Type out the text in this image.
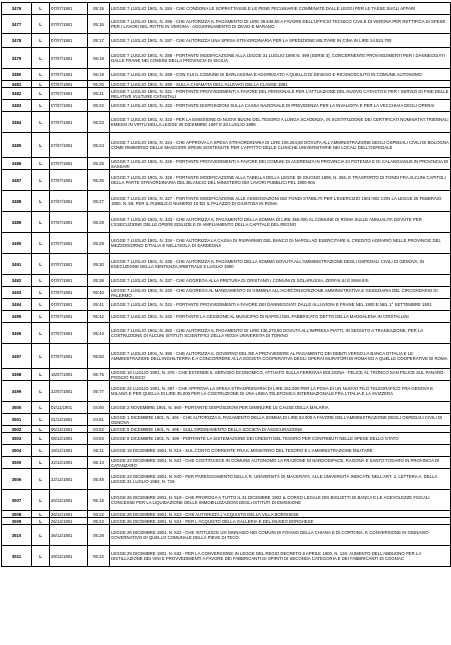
3476	L	07/07/1901	05:15	LEGGE 7 LUGLIO 1901, N. 284 - CHE CONDONA LE SOPRATTASSE E LE PENE PECUNIARIE COMMINATE DALLE LEGGI PER LE TASSE SUGLI AFFARI
3477	L	07/07/1901	05:16	LEGGE 7 LUGLIO 1901, N. 286 - CHE AUTORIZZA IL PAGAMENTO DI LIRE 39.548,50 A FAVORE DELL'UFFICIO TECNICO CIVILE DI VERONA PER RETTIFICA DI SPESE PER I LAVORI NEL ROTTE IN VERONA - AGGIORNAMENTO DI ZEVIO E MARANO
3478	L	07/07/1901	05:17	LEGGE 7 LUGLIO 1901, N. 287 - CHE AUTORIZZA UNA SPESA STRAORDINARIA PER LA SPEDIZIONE MILITARE IN CINA IN LIRE 14.524.700
3479	L	07/07/1901	05:18	LEGGE 7 LUGLIO 1901, N. 288 - PORTANTE MODIFICAZIONE ALLA LEGGE 31 LUGLIO 1895 N. 499 (SERIE 3), CONCERNENTE PROVVEDIMENTI PER I DANNEGGIATI DALLE FRANE NEI COMUNI DELLA PROVINCIA DI SICILIA
3480	L	07/07/1901	05:19	LEGGE 7 LUGLIO 1901, N. 289 - CON CUI IL COMUNE DI BARLASSINA E AGGREGATO A QUELLO DI SEVESO E RICONOSCIUTO IN COMUNE AUTONOMO
3481	L	07/07/1901	05:20	LEGGE 7 LUGLIO 1901, N. 290 - SULLA CHIAMATA DELL'ALLEVATI DELLA CLASSE 1881
3482	L	07/07/1901	05:21	LEGGE 7 LUGLIO 1901, N. 321 - PORTANTE PROVVEDIMENTI A FAVORE DEL PERSONALE PER L'ATTUAZIONE DEL NUOVO CATASTO E PER I SERVIZI DI FINE DELLE RELATIVE VULTURE CATASTALI
3483	L	07/07/1901	05:22	LEGGE 7 LUGLIO 1901, N. 322 - PORTANTE DISPOSIZIONI SULLA CASSA NAZIONALE DI PREVIDENZA PER LA INVALIDITA E PER LA VECCHIAIA DEGLI OPERAI
3484	L	07/07/1901	05:23	LEGGE 7 LUGLIO 1901, N. 323 - PER LA EMISSIONE DI NUOVI BUONI DEL TESORO A LUNGA SCADENZA, IN SOSTITUZIONE DEI CERTIFICATI NOMINATIVI TRIENNALI EMESSI IN VIRTU DELLA LEGGE 30 DICEMBRE 1897 E 20 LUGLIO 1898
3485	L	07/07/1901	05:24	LEGGE 7 LUGLIO 1901, N. 324 - CHE APPROVA LA SPESA STRAORDINARIA DI LIRE 106.264,60 DOVUTA ALL'AMMINISTRAZIONE DEGLI OSPEDALI CIVILI DI BOLOGNA COME RIMBORSO DELLE MAGGIORI SPESE SOSTENUTE PER L'AFFITTO DELLE CLINICHE UNIVERSITARIE NEI LOCALI DELL'OSPEDALE
3486	L	07/07/1901	05:25	LEGGE 7 LUGLIO 1901, N. 325 - PORTANTE PROVVEDIMENTI A FAVORE DEI COMUNI DI ACERENZA IN PROVINCIA DI POTENZA E DI CALANGIANUS IN PROVINCIA DI SASSARI
3487	L	07/07/1901	05:26	LEGGE 7 LUGLIO 1901, N. 326 - PORTANTE MODIFICAZIONE ALLA TABELLA DELLA LEGGE 30 GIUGNO 1896, N. 256, E TRASPORTO DI FONDI FRA ALCUNI CAPITOLI DELLA PARTE STRAORDINARIA DEL BILANCIO DEL MINISTERO DEI LAVORI PUBBLICI PEL 1900-901
3488	L	07/07/1901	05:27	LEGGE 7 LUGLIO 1901, N. 327 - PORTANTE MODIFICAZIONE ALLE ASSEGNAZIONI DEI FONDI STABILITI PER L'ESERCIZIO 1901-902 CON LA LEGGE 25 FEBBRAIO 1900, N. 56, PER IL PUBBLICO NUMERO 10 ED IL PALAZZO DI GIUSTIZIA IN ROMA
3489	L	07/07/1901	05:28	LEGGE 7 LUGLIO 1901, N. 333 - CHE AUTORIZZA IL PAGAMENTO DELLA SOMMA DI LIRE 350.000 AL COMUNE DI ROMA SULLE ANNUALITA DOVUTE PER L'ESECUZIONE DELLE OPERE EDILIZIE E DI AMPLIAMENTO DELLA CAPITALE DEL REGNO
3490	L	07/07/1901	05:29	LEGGE 7 LUGLIO 1901, N. 334 - CHE AUTORIZZA LA CASSA DI RISPARMIO DEL BANCO DI NAPOLI AD ESERCITARE IL CREDITO AGRARIO NELLE PROVINCIE DEL MEZZOGIORNO D'ITALIA E NELL'ISOLA DI SARDEGNA
3491	L	07/07/1901	05:30	LEGGE 7 LUGLIO 1901, N. 335 - CHE AUTORIZZA IL PAGAMENTO DELLA SOMMA DOVUTA ALL'AMMINISTRAZIONE DEGLI OSPEDALI CIVILI DI GENOVA, IN ESECUZIONE DELLA SENTENZA ARBITRALE 9 LUGLIO 1900
3492	L	07/07/1901	05:38	LEGGE 7 LUGLIO 1901, N. 337 - CHE AGGREGA ALLA PRETURA DI ORISTANO I COMUNI DI SOLARUSSA, ZERFALIU E SIMAXIS
3493	L	07/07/1901	05:40	LEGGE 7 LUGLIO 1901, N. 340 - CHE AGGREGA AL MANDAMENTO DI GIMMINA ALL'ACIRCONSCRIZIONE AMMINISTRATIVA E GIUDIZIARIA DEL CIRCONDARIO DI PALERMO
3494	L	07/07/1901	05:41	LEGGE 7 LUGLIO 1901, N. 341 - PORTANTE PROVVEDIMENTI A FAVORE DEI DANNEGGIATI DALLE ALLUVIONI E FRANE NEL 1900 E NEL 1° SETTEMBRE 1901
3495	L	07/07/1901	05:42	LEGGE 7 LUGLIO 1901, N. 342 - PORTANTE LA CESSIONE AL MUNICIPIO DI NAPOLI DEL FABBRICATO DETTO DELLA MADDALENA IN CRISTALLINI
3496	L	07/07/1901	05:43	LEGGE 7 LUGLIO 1901, N. 382 - CHE AUTORIZZA IL PAGAMENTO DI LIRE 136.276,90 DOVUTA ALL'IMPRESA PIATTI, IN SEGUITO A TRANSAZIONE, PER LA COSTRUZIONE DI ALCUNI ISTITUTI SCIENTIFICI DELLA REGIA UNIVERSITA DI TORINO
3497	L	07/07/1901	05:50	LEGGE 7 LUGLIO 1901, N. 390 - CHE AUTORIZZA IL GOVERNO DEL RE A PROVVEDERE AL PAGAMENTO DEI DEBITI VERSO LA BANCA D'ITALIA E LE AMMINISTRAZIONI DELL'INGHILTERRA E A CONCORRERE ALLA SOCIETA COOPERATIVA DEGLI OPERAI MURATORI DI ROMA ED A QUELLE COOPERATIVE DI ROMA
3498	L	16/07/1901	05:75	LEGGE 16 LUGLIO 1901, N. 376 - CHE ESTENDE IL SERVIZIO ECONOMICO, ATTUATO SULLA FERROVIA BOLOGNA - FELICE AL TRONCO SAN FELICE SUL PANARO-POGGIO RUSCO
3499	L	22/07/1901	05:77	LEGGE 22 LUGLIO 1901, N. 387 - CHE APPROVA LA SPESA STRAORDINARIA DI LIRE 151.000 PER LA POSA DI UN NUOVO FILO TELEGRAFICO FRA GENOVA E MILANO E PER QUELLA DI LIRE 35.000 PER LA COSTRUZIONE DI UNA LINEA TELEFONICA INTERNAZIONALE FRA L'ITALIA E LA SVIZZERA
3500	L	02/11/1901	04:60	LEGGE 2 NOVEMBRE 1901, N. 460 - PORTANTE DISPOSIZIONI PER DIMINUIRE LE CAUSE DELLA MALARIA
3501	L	01/12/1901	04:61	LEGGE 1 DICEMBRE 1901, N. 491 - CHE AUTORIZZA IL PAGAMENTO DELLA SOMMA DI LIRE 53.000 A FAVORE DELL'AMMINISTRAZIONE DEGLI OSPEDALI CIVILI DI GENOVA
3502	L	05/12/1901	04:62	LEGGE 5 DICEMBRE 1901, N. 495 - SULL'ORDINAMENTO DELLA SOCIETA DI ASSICURAZIONE
3503	L	08/12/1901	04:63	LEGGE 8 DICEMBRE 1901, N. 499 - PORTANTE LA SISTEMAZIONE DEI CREDITI DEL TESORO PER CONTRIBUTI NELLE SPESE DELLO STATO
3504	L	19/12/1901	05:11	LEGGE 19 DICEMBRE 1901, N. 514 - SUL CONTO CORRENTE FRA IL MINISTERO DEL TESORO E L'AMMINISTRAZIONE MILITARE
3505	L	22/12/1901	05:13	LEGGE 22 DICEMBRE 1901, N. 521 - CHE COSTITUISCE IN COMUNE AUTONOMO LA FRAZIONE DI NARDODIPACE, RAGONÀ E SANTO TODARO IN PROVINCIA DI CATANZARO
3506	L	22/12/1901	05:48	LEGGE 22 DICEMBRE 1901, N. 540 - PER PAREGGIAMENTO DELLA R. UNIVERSITÀ DI MACERATA, ALLE UNIVERSITÀ INDICATE NELL'ART. 2, LETTERA A, DELLA LEGGE 31 LUGLIO 1862, N. 719
3507	L	26/12/1901	05:16	LEGGE 26 DICEMBRE 1901, N. 518 - CHE PROROGA A TUTTO IL 31 DICEMBRE 1902 IL CORSO LEGALE DEI BIGLIETTI DI BANCA E LE AGEVOLEZZE FISCALI CONCESSE PER LA LIQUIDAZIONE DELLE IMMOBILIZZAZIONI DEGLI ISTITUTI DI EMISSIONE
3508	L	26/12/1901	05:22	LEGGE 26 DICEMBRE 1901, N. 523 - CHE AUTORIZZA L'ACQUISTO DELLA VILLA BORGHESE
3509	L	26/12/1901	05:23	LEGGE 26 DICEMBRE 1901, N. 524 - PER L'ACQUISTO DELLA GALLERIA E DEL MUSEO BORGHESE
3510	L	26/12/1901	05:28	LEGGE 26 DICEMBRE 1901, N. 522 - CHE ISTITUISCE UN GINNASIO NEI COMUNI DI FOIANO DELLA CHIANA E DI CORTONA, E CONVERSIONE IN GINNASIO GOVERNATIVO DI QUELLO COMUNALE DELLA PIEVE DI TECO
3511	L	29/12/1901	05:22	LEGGE 29 DICEMBRE 1901, N. 532 - PER LA CONVERSIONE IN LEGGE DEL REGIO DECRETO 8 APRILE 1900, N. 126: AUMENTO DELL'ABBUONO PER LA DISTILLAZIONE DEI VINI E PROVVEDIMENTI A FAVORE DEI FABBRICANTI DI SPIRITI DI SECONDA CATEGORIA E DEI FABBRICANTI DI COGNAC
